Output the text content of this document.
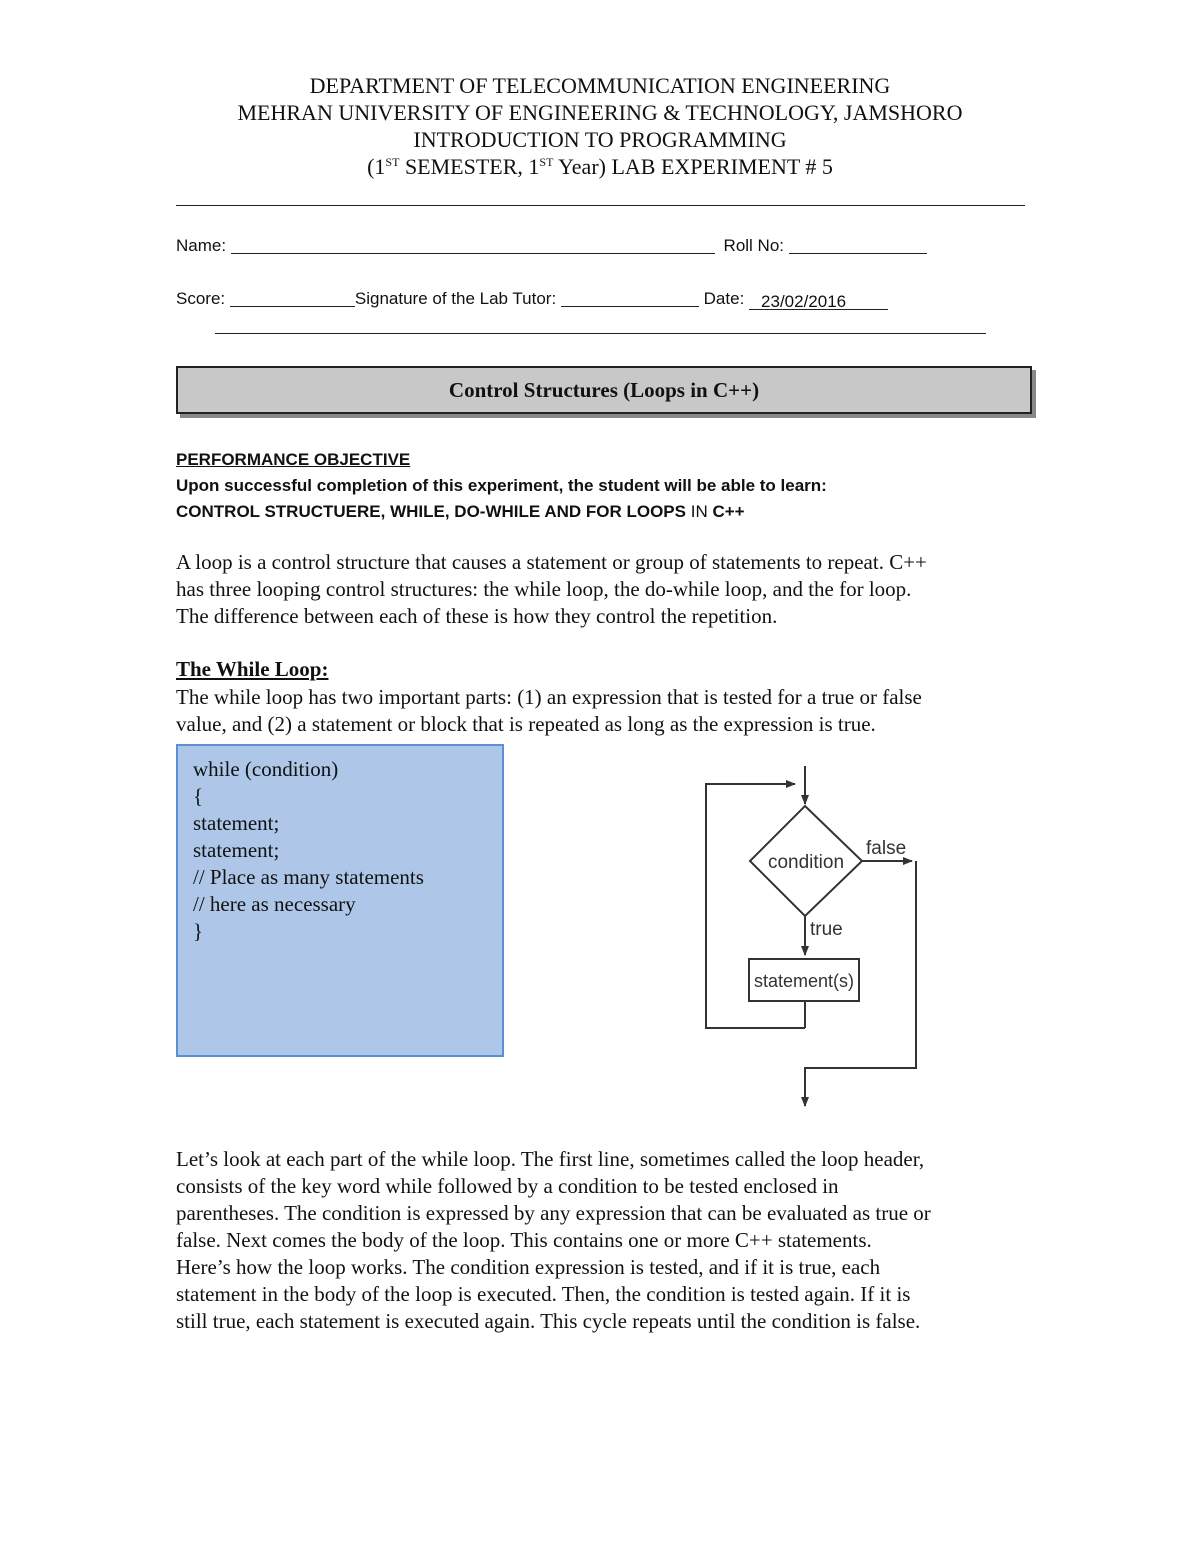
DEPARTMENT OF TELECOMMUNICATION ENGINEERING
MEHRAN UNIVERSITY OF ENGINEERING & TECHNOLOGY, JAMSHORO
INTRODUCTION TO PROGRAMMING
(1ST SEMESTER, 1ST Year) LAB EXPERIMENT # 5
Name:	Roll No:
Score:	Signature of the Lab Tutor:	Date: 23/02/2016
Control Structures (Loops in C++)
PERFORMANCE OBJECTIVE
Upon successful completion of this experiment, the student will be able to learn:
CONTROL STRUCTUERE, WHILE, DO-WHILE AND FOR LOOPS IN C++
A loop is a control structure that causes a statement or group of statements to repeat. C++
has three looping control structures: the while loop, the do-while loop, and the for loop.
The difference between each of these is how they control the repetition.
The While Loop:
The while loop has two important parts: (1) an expression that is tested for a true or false
value, and (2) a statement or block that is repeated as long as the expression is true.
while (condition)
{
statement;
statement;
// Place as many statements
// here as necessary
}
condition
false
true
statement(s)
Let’s look at each part of the while loop. The first line, sometimes called the loop header,
consists of the key word while followed by a condition to be tested enclosed in
parentheses. The condition is expressed by any expression that can be evaluated as true or
false. Next comes the body of the loop. This contains one or more C++ statements.
Here’s how the loop works. The condition expression is tested, and if it is true, each
statement in the body of the loop is executed. Then, the condition is tested again. If it is
still true, each statement is executed again. This cycle repeats until the condition is false.
